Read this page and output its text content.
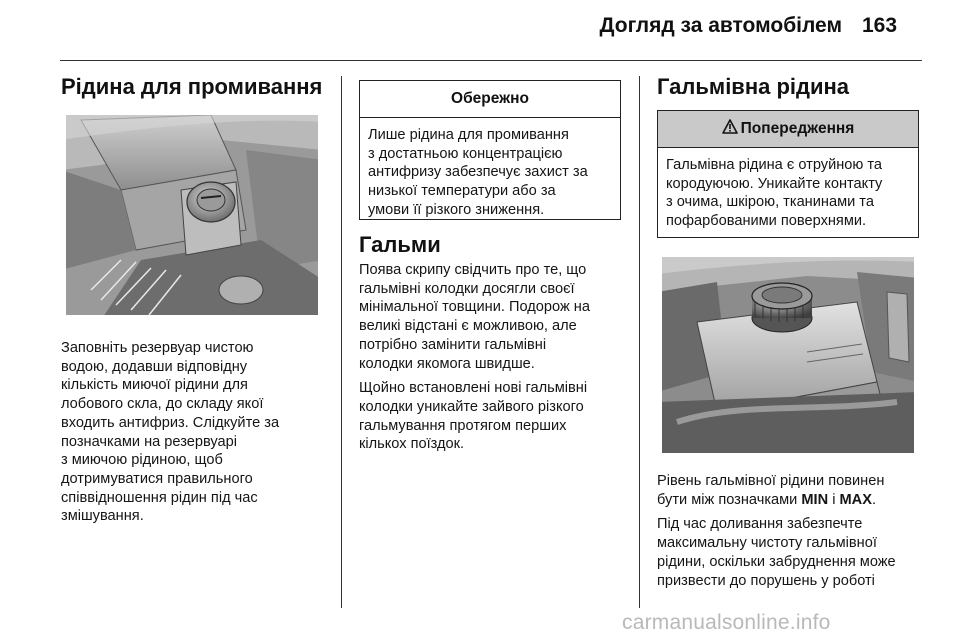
Догляд за автомобілем 163
Рідина для промивання
Заповніть резервуар чистою
водою, додавши відповідну
кількість миючої рідини для
лобового скла, до складу якої
входить антифриз. Слідкуйте за
позначками на резервуарі
з миючою рідиною, щоб
дотримуватися правильного
співвідношення рідин під час
змішування.
Обережно
Лише рідина для промивання
з достатньою концентрацією
антифризу забезпечує захист за
низької температури або за
умови її різкого зниження.
Гальми

Поява скрипу свідчить про те, що
гальмівні колодки досягли своєї
мінімальної товщини. Подорож на
великі відстані є можливою, але
потрібно замінити гальмівні
колодки якомога швидше.

Щойно встановлені нові гальмівні
колодки уникайте зайвого різкого
гальмування протягом перших
кількох поїздок.

Гальмівна рідина
Попередження
Гальмівна рідина є отруйною та
кородуючою. Уникайте контакту
з очима, шкірою, тканинами та
пофарбованими поверхнями.

Рівень гальмівної рідини повинен
бути між позначками MIN і MAX.

Під час доливання забезпечте
максимальну чистоту гальмівної
рідини, оскільки забруднення може
призвести до порушень у роботі

carmanualsonline.info
